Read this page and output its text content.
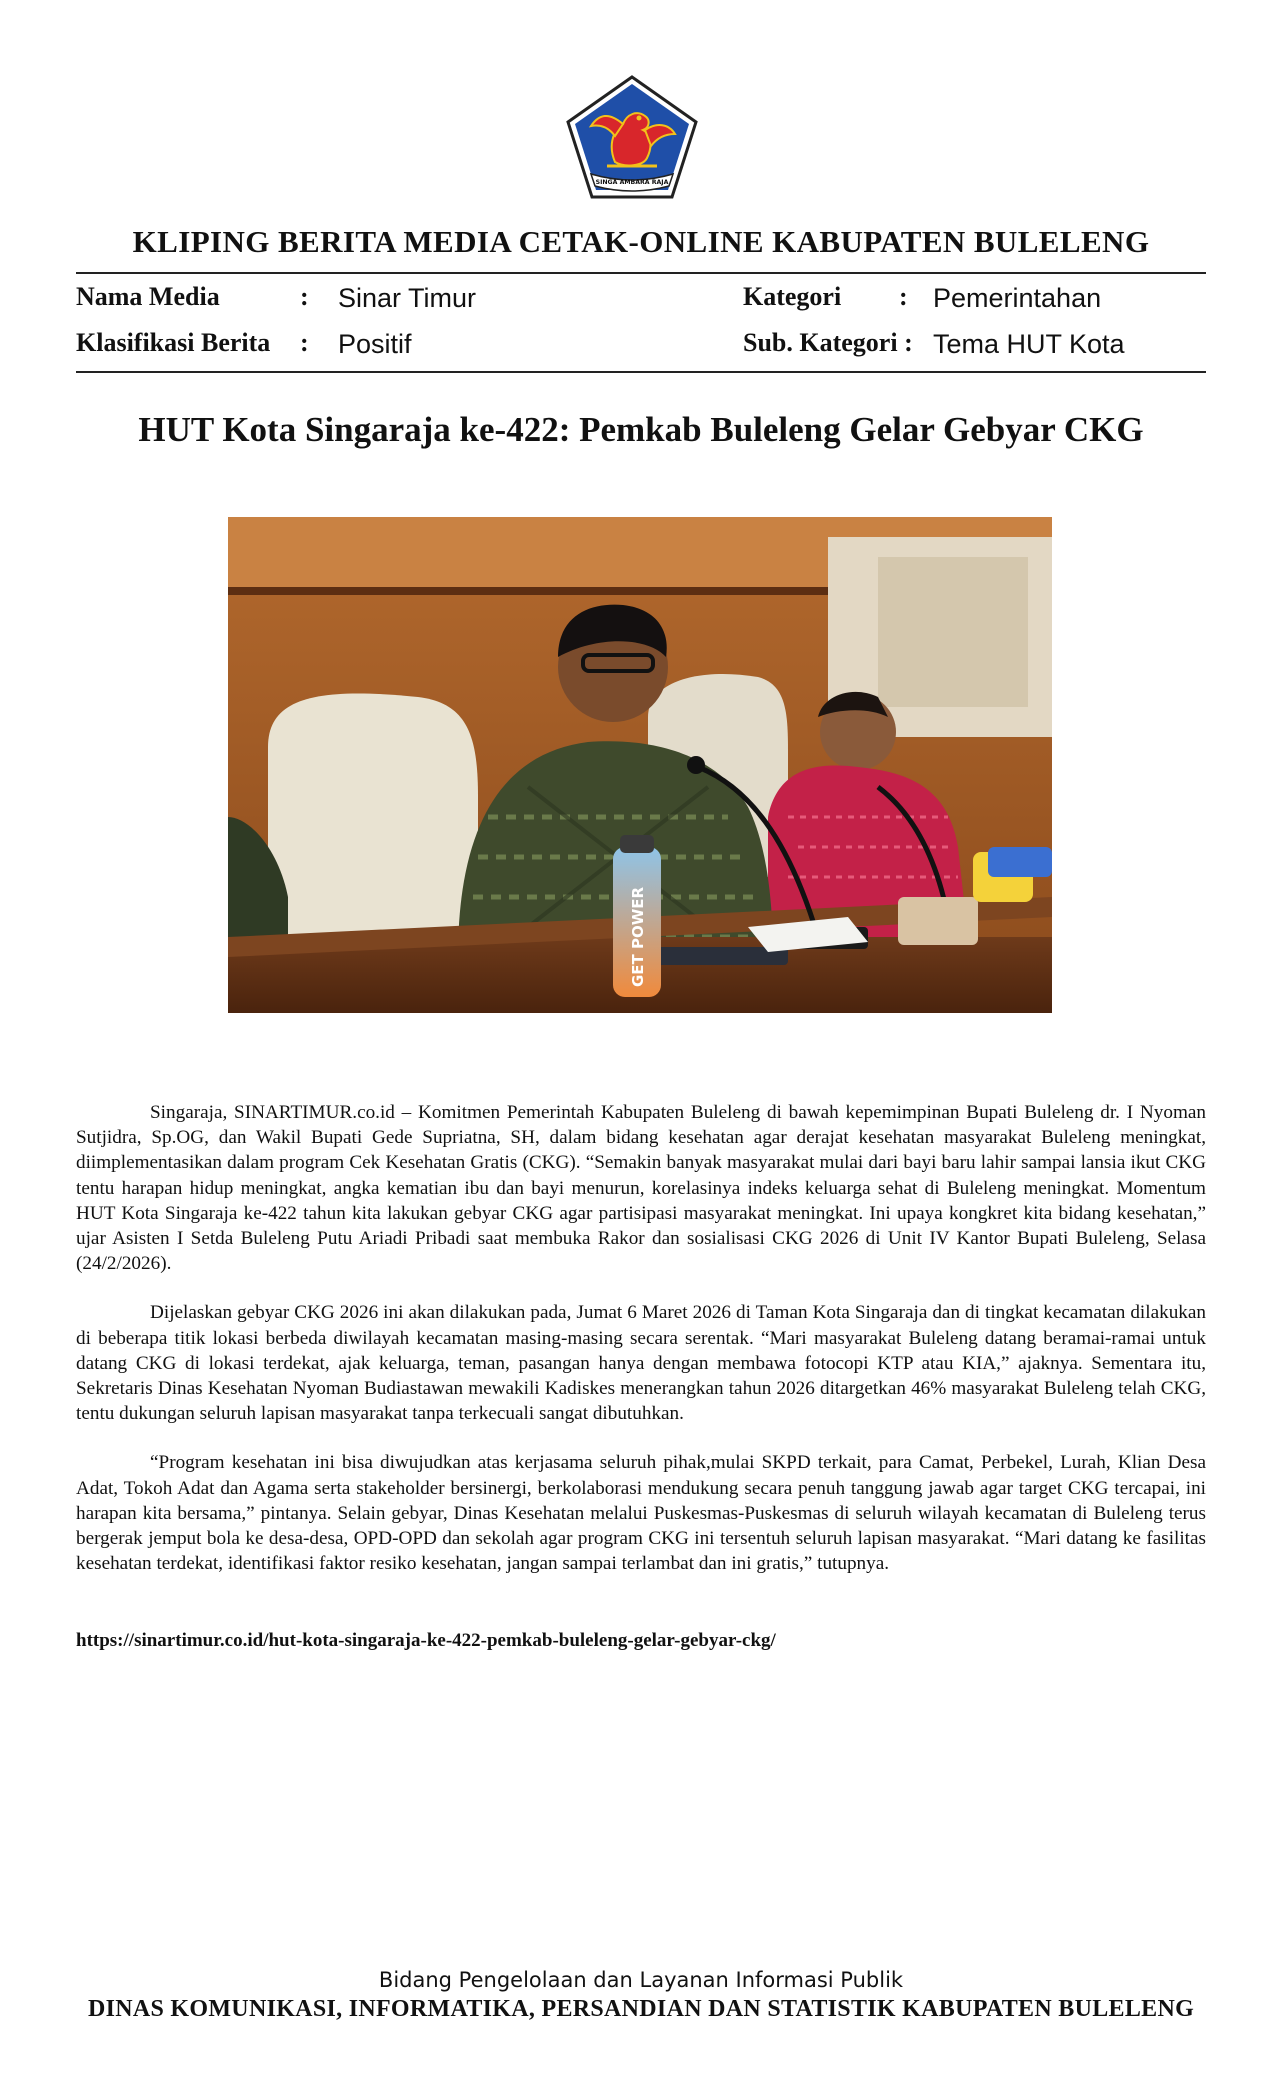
SINGA AMBARA RAJA
KLIPING BERITA MEDIA CETAK-ONLINE KABUPATEN BULELENG
Nama Media	: Sinar Timur
Klasifikasi Berita : Positif
Kategori : Pemerintahan
Sub. Kategori : Tema HUT Kota
HUT Kota Singaraja ke-422: Pemkab Buleleng Gelar Gebyar CKG
GET POWER

Singaraja, SINARTIMUR.co.id – Komitmen Pemerintah Kabupaten Buleleng di bawah kepemimpinan Bupati Buleleng dr. I Nyoman Sutjidra, Sp.OG, dan Wakil Bupati Gede Supriatna, SH, dalam bidang kesehatan agar derajat kesehatan masyarakat Buleleng meningkat, diimplementasikan dalam program Cek Kesehatan Gratis (CKG). “Semakin banyak masyarakat mulai dari bayi baru lahir sampai lansia ikut CKG tentu harapan hidup meningkat, angka kematian ibu dan bayi menurun, korelasinya indeks keluarga sehat di Buleleng meningkat. Momentum HUT Kota Singaraja ke-422 tahun kita lakukan gebyar CKG agar partisipasi masyarakat meningkat. Ini upaya kongkret kita bidang kesehatan,” ujar Asisten I Setda Buleleng Putu Ariadi Pribadi saat membuka Rakor dan sosialisasi CKG 2026 di Unit IV Kantor Bupati Buleleng, Selasa (24/2/2026).

Dijelaskan gebyar CKG 2026 ini akan dilakukan pada, Jumat 6 Maret 2026 di Taman Kota Singaraja dan di tingkat kecamatan dilakukan di beberapa titik lokasi berbeda diwilayah kecamatan masing-masing secara serentak. “Mari masyarakat Buleleng datang beramai-ramai untuk datang CKG di lokasi terdekat, ajak keluarga, teman, pasangan hanya dengan membawa fotocopi KTP atau KIA,” ajaknya. Sementara itu, Sekretaris Dinas Kesehatan Nyoman Budiastawan mewakili Kadiskes menerangkan tahun 2026 ditargetkan 46% masyarakat Buleleng telah CKG, tentu dukungan seluruh lapisan masyarakat tanpa terkecuali sangat dibutuhkan.

“Program kesehatan ini bisa diwujudkan atas kerjasama seluruh pihak,mulai SKPD terkait, para Camat, Perbekel, Lurah, Klian Desa Adat, Tokoh Adat dan Agama serta stakeholder bersinergi, berkolaborasi mendukung secara penuh tanggung jawab agar target CKG tercapai, ini harapan kita bersama,” pintanya. Selain gebyar, Dinas Kesehatan melalui Puskesmas-Puskesmas di seluruh wilayah kecamatan di Buleleng terus bergerak jemput bola ke desa-desa, OPD-OPD dan sekolah agar program CKG ini tersentuh seluruh lapisan masyarakat. “Mari datang ke fasilitas kesehatan terdekat, identifikasi faktor resiko kesehatan, jangan sampai terlambat dan ini gratis,” tutupnya.

https://sinartimur.co.id/hut-kota-singaraja-ke-422-pemkab-buleleng-gelar-gebyar-ckg/
Bidang Pengelolaan dan Layanan Informasi Publik
DINAS KOMUNIKASI, INFORMATIKA, PERSANDIAN DAN STATISTIK KABUPATEN BULELENG
